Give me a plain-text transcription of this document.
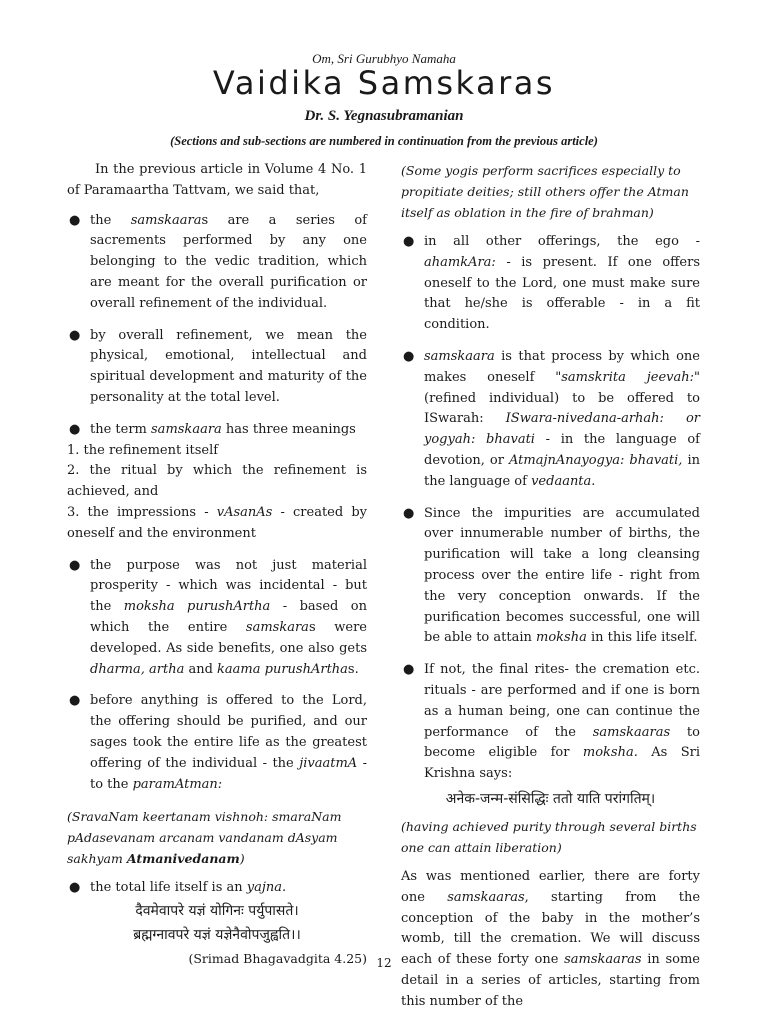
Om, Sri Gurubhyo Namaha
Vaidika Samskaras
Dr. S. Yegnasubramanian
(Sections and sub-sections are numbered in continuation from the previous article)

In the previous article in Volume 4 No. 1 of Paramaartha Tattvam, we said that,

● the samskaaras are a series of sacrements performed by any one belonging to the vedic tradition, which are meant for the overall purification or overall refinement of the individual.
● by overall refinement, we mean the physical, emotional, intellectual and spiritual development and maturity of the personality at the total level.
● the term samskaara has three meanings
1. the refinement itself
2. the ritual by which the refinement is achieved, and
3. the impressions - vAsanAs - created by oneself and the environment
● the purpose was not just material prosperity - which was incidental - but the moksha purushArtha - based on which the entire samskaras were developed. As side benefits, one also gets dharma, artha and kaama purushArthas.
● before anything is offered to the Lord, the offering should be purified, and our sages took the entire life as the greatest offering of the individual - the jivaatmA - to the paramAtman:

(SravaNam keertanam vishnoh: smaraNam pAdasevanam arcanam vandanam dAsyam sakhyam Atmanivedanam)

● the total life itself is an yajna.
दैवमेवापरे यज्ञं योगिनः पर्युपासते।
ब्रह्मग्नावपरे यज्ञं यज्ञेनैवोपजुह्वति।।
(Srimad Bhagavadgita 4.25)

(Some yogis perform sacrifices especially to propitiate deities; still others offer the Atman itself as oblation in the fire of brahman)

● in all other offerings, the ego - ahamkAra: - is present. If one offers oneself to the Lord, one must make sure that he/she is offerable - in a fit condition.
● samskaara is that process by which one makes oneself "samskrita jeevah:" (refined individual) to be offered to ISwarah: ISwara-nivedana-arhah: or yogyah: bhavati - in the language of devotion, or AtmajnAnayogya: bhavati, in the language of vedaanta.
● Since the impurities are accumulated over innumerable number of births, the purification will take a long cleansing process over the entire life - right from the very conception onwards. If the purification becomes successful, one will be able to attain moksha in this life itself.
● If not, the final rites- the cremation etc. rituals - are performed and if one is born as a human being, one can continue the performance of the samskaaras to become eligible for moksha. As Sri Krishna says:
अनेक-जन्म-संसिद्धिः ततो याति परांगतिम्।

(having achieved purity through several births one can attain liberation)

As was mentioned earlier, there are forty one samskaaras, starting from the conception of the baby in the mother’s womb, till the cremation. We will discuss each of these forty one samskaaras in some detail in a series of articles, starting from this number of the

12
